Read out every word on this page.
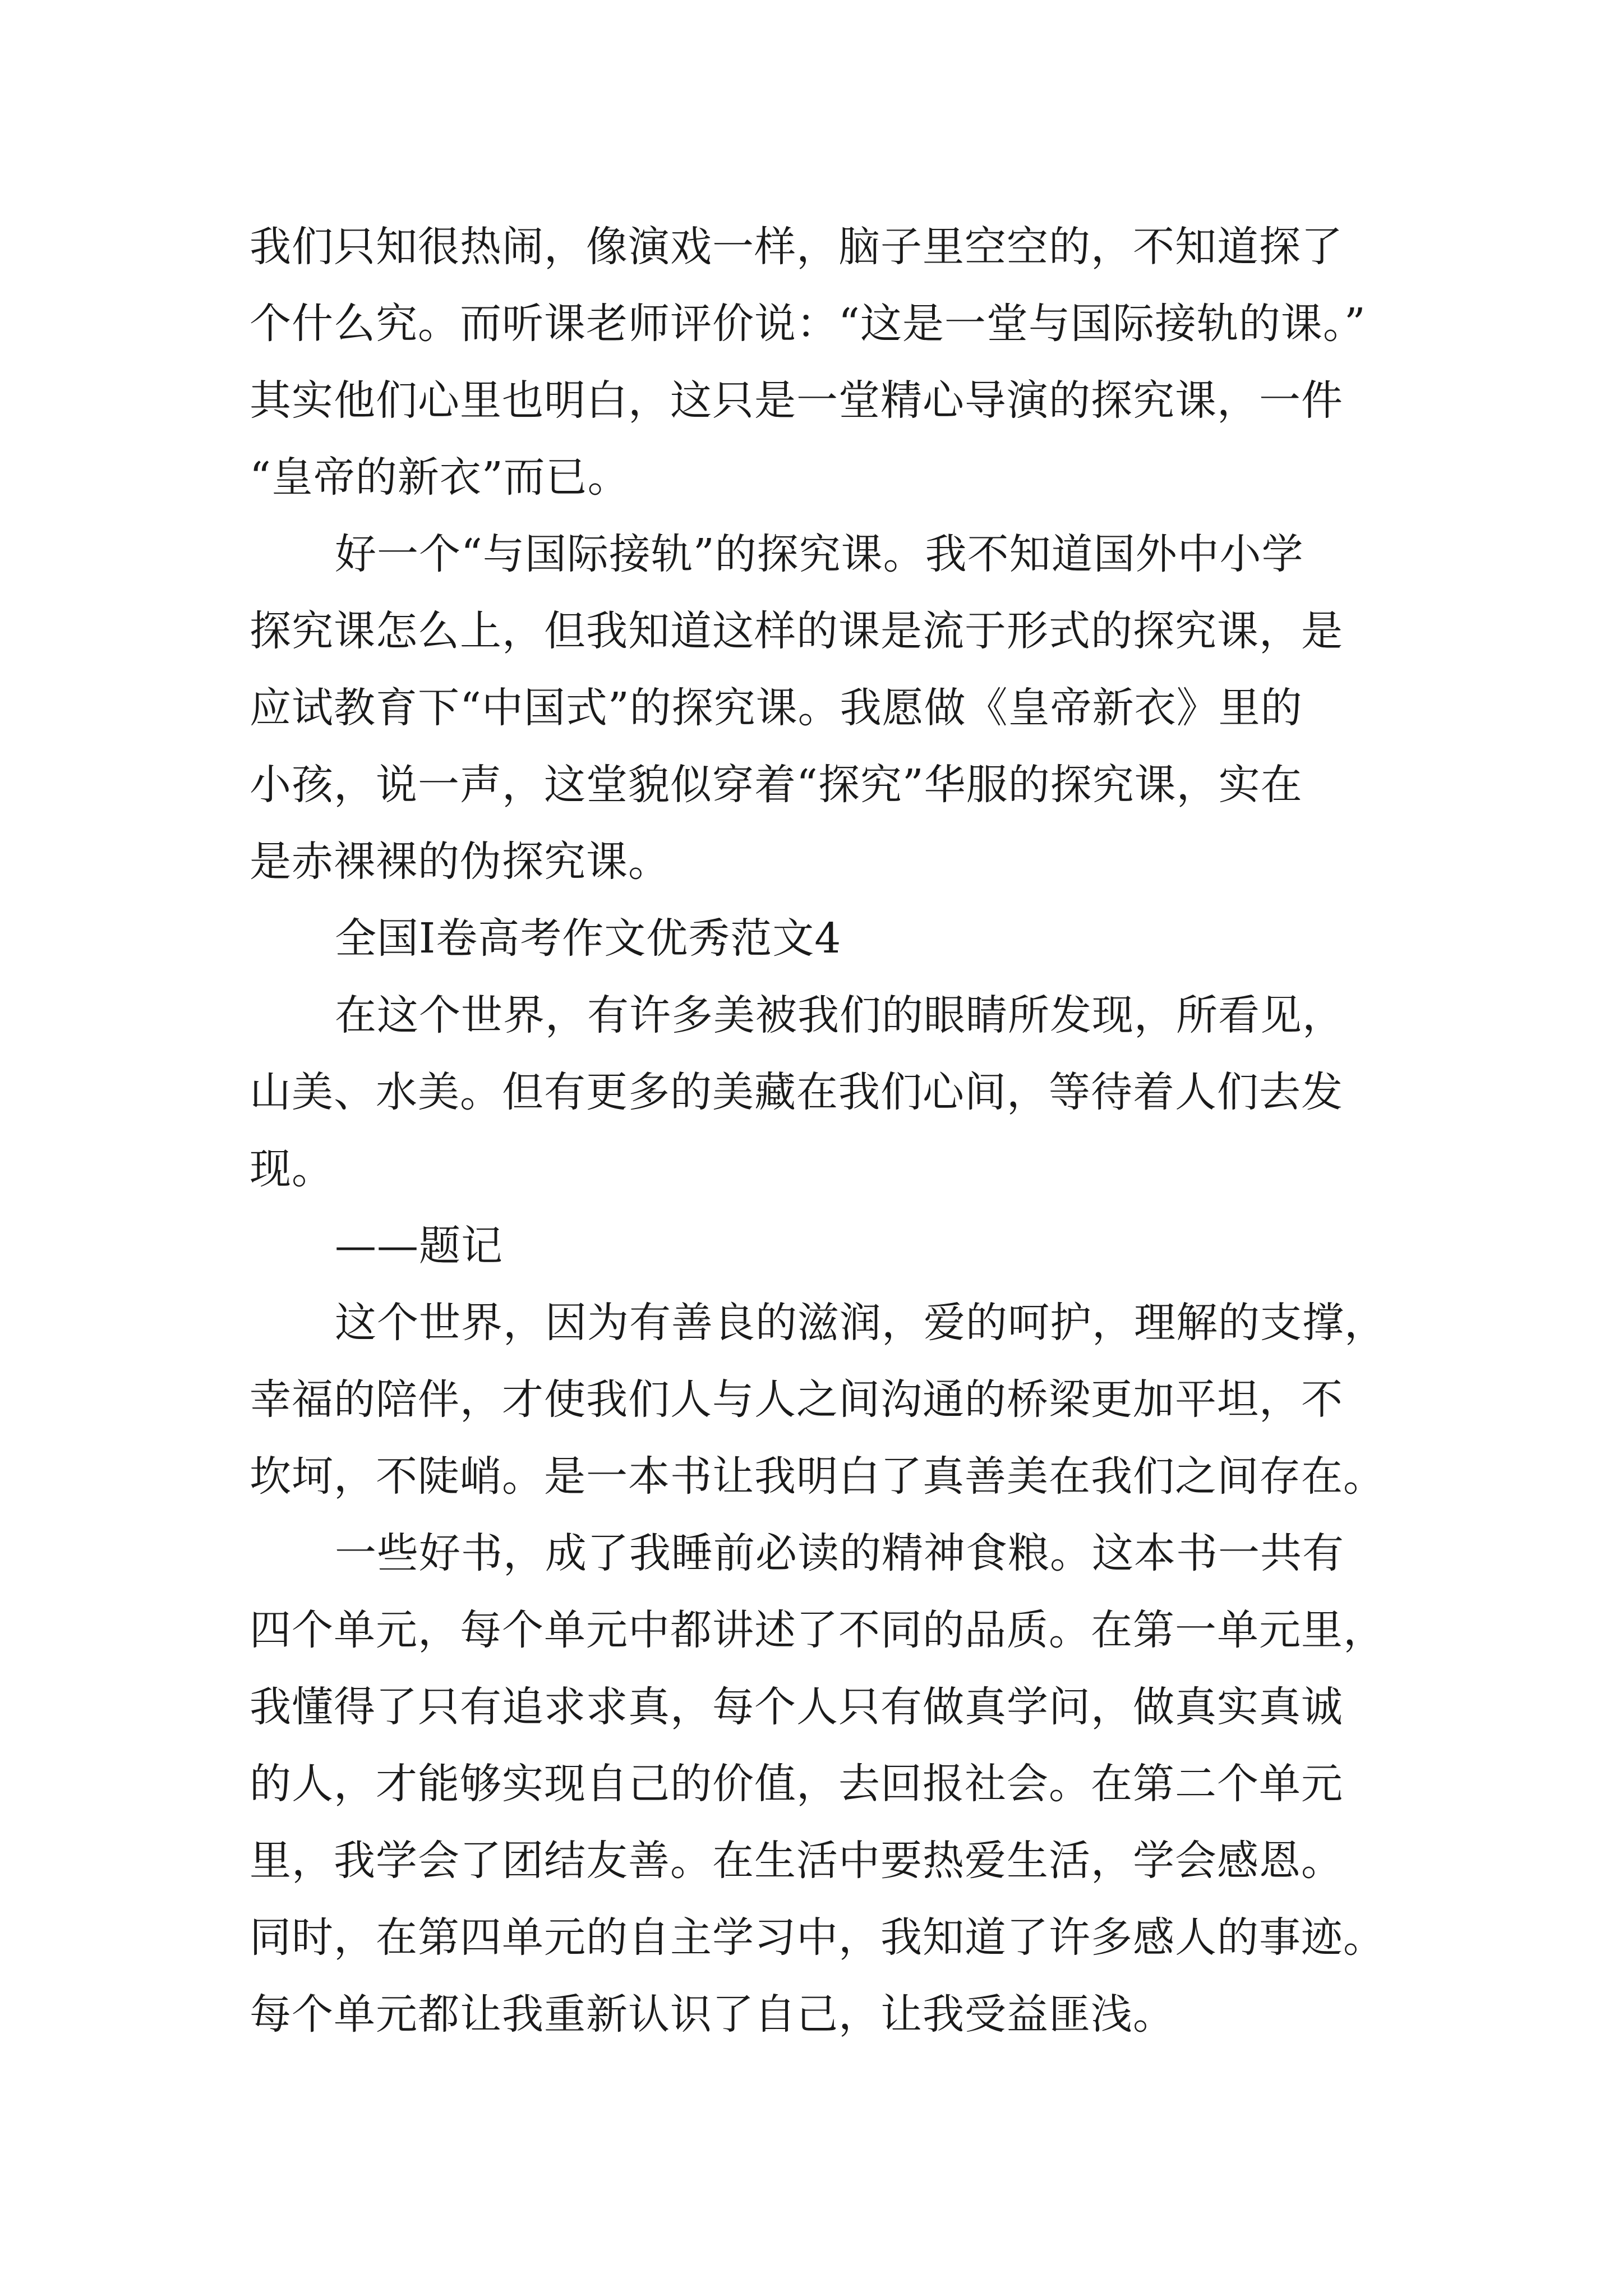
我们只知很热闹，像演戏一样，脑子里空空的，不知道探了
个什么究。而听课老师评价说：“这是一堂与国际接轨的课。”
其实他们心里也明白，这只是一堂精心导演的探究课，一件
“皇帝的新衣”而已。
好一个“与国际接轨”的探究课。我不知道国外中小学
探究课怎么上，但我知道这样的课是流于形式的探究课，是
应试教育下“中国式”的探究课。我愿做《皇帝新衣》里的
小孩，说一声，这堂貌似穿着“探究”华服的探究课，实在
是赤裸裸的伪探究课。
全国Ⅰ卷高考作文优秀范文4
在这个世界，有许多美被我们的眼睛所发现，所看见，
山美、水美。但有更多的美藏在我们心间，等待着人们去发
现。
——题记
这个世界，因为有善良的滋润，爱的呵护，理解的支撑，
幸福的陪伴，才使我们人与人之间沟通的桥梁更加平坦，不
坎坷，不陡峭。是一本书让我明白了真善美在我们之间存在。
一些好书，成了我睡前必读的精神食粮。这本书一共有
四个单元，每个单元中都讲述了不同的品质。在第一单元里，
我懂得了只有追求求真，每个人只有做真学问，做真实真诚
的人，才能够实现自己的价值，去回报社会。在第二个单元
里，我学会了团结友善。在生活中要热爱生活，学会感恩。
同时，在第四单元的自主学习中，我知道了许多感人的事迹。
每个单元都让我重新认识了自己，让我受益匪浅。
